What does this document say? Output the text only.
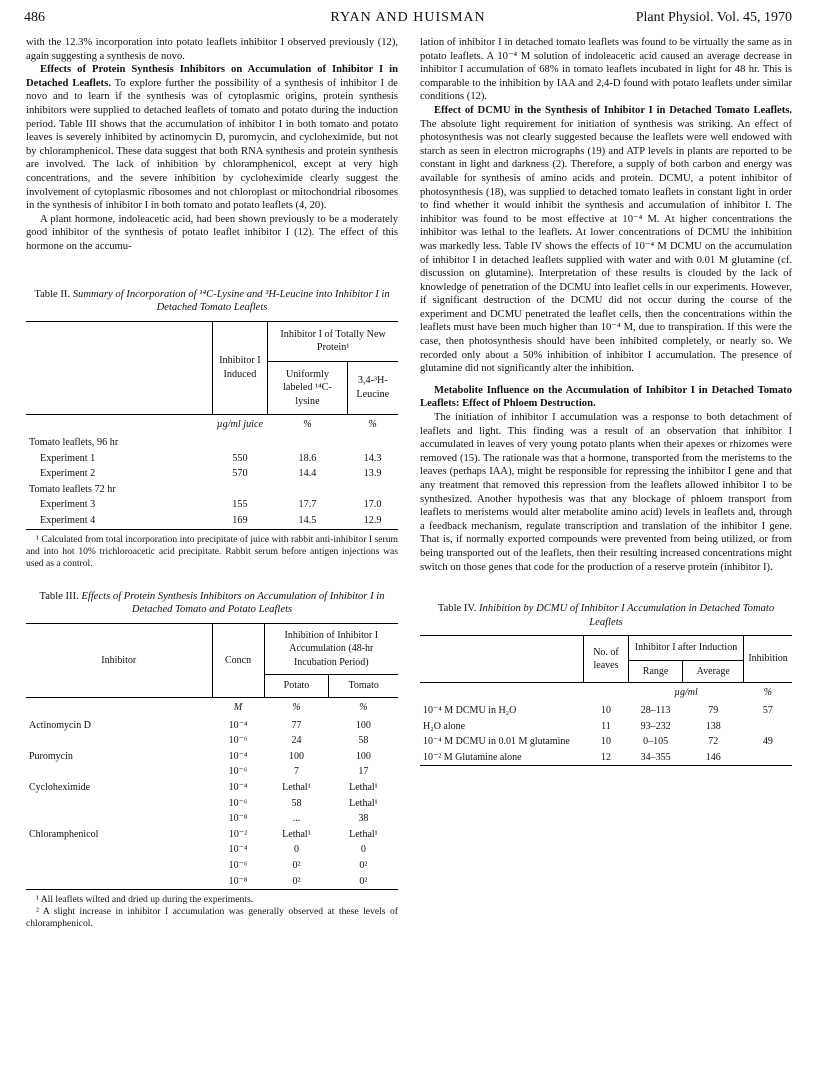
486	RYAN AND HUISMAN	Plant Physiol. Vol. 45, 1970

with the 12.3% incorporation into potato leaflets inhibitor I observed previously (12), again suggesting a synthesis de novo.

Effects of Protein Synthesis Inhibitors on Accumulation of Inhibitor I in Detached Leaflets. To explore further the possibility of a synthesis of inhibitor I de novo and to learn if the synthesis was of cytoplasmic origins, protein synthesis inhibitors were supplied to detached leaflets of tomato and potato during the induction period. Table III shows that the accumulation of inhibitor I in both tomato and potato leaves is severely inhibited by actinomycin D, puromycin, and cycloheximide, but not by chloramphenicol. These data suggest that both RNA synthesis and protein synthesis are involved. The lack of inhibition by chloramphenicol, except at very high concentrations, and the severe inhibition by cycloheximide clearly suggest the involvement of cytoplasmic ribosomes and not chloroplast or mitochondrial ribosomes in the synthesis of inhibitor I in both tomato and potato leaflets (4, 20).

A plant hormone, indoleacetic acid, had been shown previously to be a moderately good inhibitor of the synthesis of potato leaflet inhibitor I (12). The effect of this hormone on the accumu-

Table II. Summary of Incorporation of ¹⁴C-Lysine and ³H-Leucine into Inhibitor I in Detached Tomato Leaflets
	Inhibitor I Induced	Inhibitor I of Totally New Protein¹	
		Uniformly labeled ¹⁴C-lysine	3,4-³H-Leucine
	µg/ml juice	%	%
Tomato leaflets, 96 hr			
Experiment 1	550	18.6	14.3
Experiment 2	570	14.4	13.9
Tomato leaflets 72 hr			
Experiment 3	155	17.7	17.0
Experiment 4	169	14.5	12.9

¹ Calculated from total incorporation into precipitate of juice with rabbit anti-inhibitor I serum and into hot 10% trichloroacetic acid precipitate. Rabbit serum before antigen injections was used as a control.

Table III. Effects of Protein Synthesis Inhibitors on Accumulation of Inhibitor I in Detached Tomato and Potato Leaflets
Inhibitor	Concn	Inhibition of Inhibitor I Accumulation (48-hr Incubation Period)	
		Potato	Tomato
	M	%	%
Actinomycin D	10⁻⁴	77	100
	10⁻⁶	24	58
Puromycin	10⁻⁴	100	100
	10⁻⁶	7	17
Cycloheximide	10⁻⁴	Lethal¹	Lethal¹
	10⁻⁶	58	Lethal¹
	10⁻⁸	...	38
Chloramphenicol	10⁻²	Lethal¹	Lethal¹
	10⁻⁴	0	0
	10⁻⁶	0²	0²
	10⁻⁸	0²	0²

¹ All leaflets wilted and dried up during the experiments.

² A slight increase in inhibitor I accumulation was generally observed at these levels of chloramphenicol.

lation of inhibitor I in detached tomato leaflets was found to be virtually the same as in potato leaflets. A 10⁻⁴ M solution of indoleacetic acid caused an average decrease in inhibitor I accumulation of 68% in tomato leaflets incubated in light for 48 hr. This is comparable to the inhibition by IAA and 2,4-D found with potato leaflets under similar conditions (12).

Effect of DCMU in the Synthesis of Inhibitor I in Detached Tomato Leaflets. The absolute light requirement for initiation of synthesis was striking. An effect of photosynthesis was not clearly suggested because the leaflets were well endowed with starch as seen in electron micrographs (19) and ATP levels in plants are reported to be constant in light and darkness (2). Therefore, a supply of both carbon and energy was available for synthesis of amino acids and protein. DCMU, a potent inhibitor of photosynthesis (18), was supplied to detached tomato leaflets in constant light in order to find whether it would inhibit the synthesis and accumulation of inhibitor I. The inhibitor was found to be most effective at 10⁻⁴ M. At higher concentrations the inhibitor was lethal to the leaflets. At lower concentrations of DCMU the inhibition was markedly less. Table IV shows the effects of 10⁻⁴ M DCMU on the accumulation of inhibitor I in detached leaflets supplied with water and with 0.01 M glutamine (cf. discussion on glutamine). Interpretation of these results is clouded by the lack of knowledge of penetration of the DCMU into leaflet cells in our experiments. However, if significant destruction of the DCMU did not occur during the course of the experiment and DCMU penetrated the leaflet cells, then the concentrations within the leaflets must have been much higher than 10⁻⁴ M, due to transpiration. If this were the case, then photosynthesis should have been inhibited completely, or nearly so. We recorded only about a 50% inhibition of inhibitor I accumulation. The presence of glutamine did not significantly alter the inhibition.

Metabolite Influence on the Accumulation of Inhibitor I in Detached Tomato Leaflets: Effect of Phloem Destruction.

The initiation of inhibitor I accumulation was a response to both detachment of leaflets and light. This finding was a result of an observation that inhibitor I accumulated in leaves of very young potato plants when their apexes or rhizomes were removed (15). The rationale was that a hormone, transported from the meristems to the leaves (perhaps IAA), might be responsible for repressing the inhibitor I gene and that any treatment that removed this repression from the leaflets allowed inhibitor I to be synthesized. Another hypothesis was that any blockage of phloem transport from leaflets to meristems would alter metabolite amino acid) levels in leaflets and, through a feedback mechanism, regulate transcription and translation of the inhibitor I gene. That is, if normally exported compounds were prevented from being utilized, or from being transported out of the leaflets, then their resulting increased concentrations might switch on those genes that code for the production of a reserve protein (inhibitor I).

Table IV. Inhibition by DCMU of Inhibitor I Accumulation in Detached Tomato Leaflets
	No. of leaves	Inhibitor I after Induction		Inhibition
		Range	Average	
		µg/ml		%
10⁻⁴ M DCMU in H₂O	10	28–113	79	57
H₂O alone	11	93–232	138	
10⁻⁴ M DCMU in 0.01 M glutamine	10	0–105	72	49
10⁻² M Glutamine alone	12	34–355	146	
